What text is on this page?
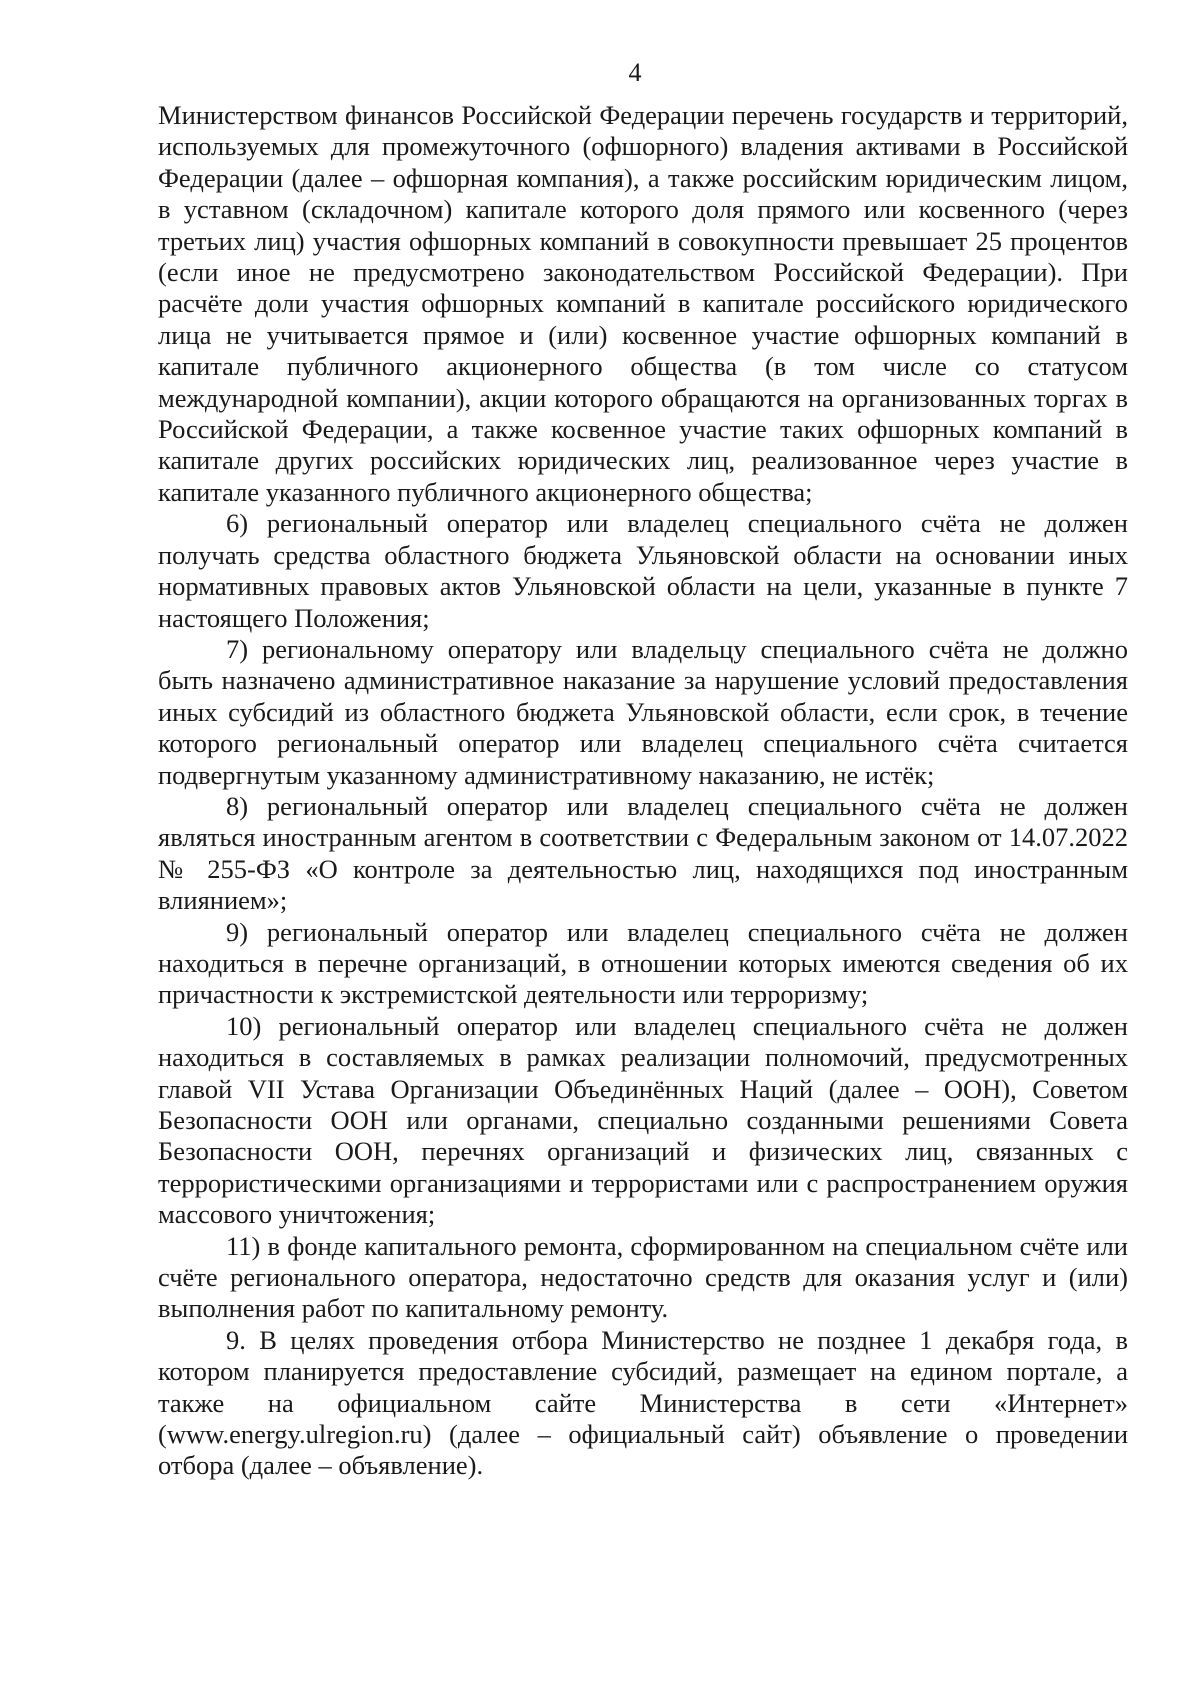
4

Министерством финансов Российской Федерации перечень государств и территорий, используемых для промежуточного (офшорного) владения активами в Российской Федерации (далее – офшорная компания), а также российским юридическим лицом, в уставном (складочном) капитале которого доля прямого или косвенного (через третьих лиц) участия офшорных компаний в совокупности превышает 25 процентов (если иное не предусмотрено законодательством Российской Федерации). При расчёте доли участия офшорных компаний в капитале российского юридического лица не учитывается прямое и (или) косвенное участие офшорных компаний в капитале публичного акционерного общества (в том числе со статусом международной компании), акции которого обращаются на организованных торгах в Российской Федерации, а также косвенное участие таких офшорных компаний в капитале других российских юридических лиц, реализованное через участие в капитале указанного публичного акционерного общества;

6) региональный оператор или владелец специального счёта не должен получать средства областного бюджета Ульяновской области на основании иных нормативных правовых актов Ульяновской области на цели, указанные в пункте 7 настоящего Положения;

7) региональному оператору или владельцу специального счёта не должно быть назначено административное наказание за нарушение условий предоставления иных субсидий из областного бюджета Ульяновской области, если срок, в течение которого региональный оператор или владелец специального счёта считается подвергнутым указанному административному наказанию, не истёк;

8) региональный оператор или владелец специального счёта не должен являться иностранным агентом в соответствии с Федеральным законом от 14.07.2022 № 255-ФЗ «О контроле за деятельностью лиц, находящихся под иностранным влиянием»;

9) региональный оператор или владелец специального счёта не должен находиться в перечне организаций, в отношении которых имеются сведения об их причастности к экстремистской деятельности или терроризму;

10) региональный оператор или владелец специального счёта не должен находиться в составляемых в рамках реализации полномочий, предусмотренных главой VII Устава Организации Объединённых Наций (далее – ООН), Советом Безопасности ООН или органами, специально созданными решениями Совета Безопасности ООН, перечнях организаций и физических лиц, связанных с террористическими организациями и террористами или с распространением оружия массового уничтожения;

11) в фонде капитального ремонта, сформированном на специальном счёте или счёте регионального оператора, недостаточно средств для оказания услуг и (или) выполнения работ по капитальному ремонту.

9. В целях проведения отбора Министерство не позднее 1 декабря года, в котором планируется предоставление субсидий, размещает на едином портале, а также на официальном сайте Министерства в сети «Интернет» (www.energy.ulregion.ru) (далее – официальный сайт) объявление о проведении отбора (далее – объявление).
